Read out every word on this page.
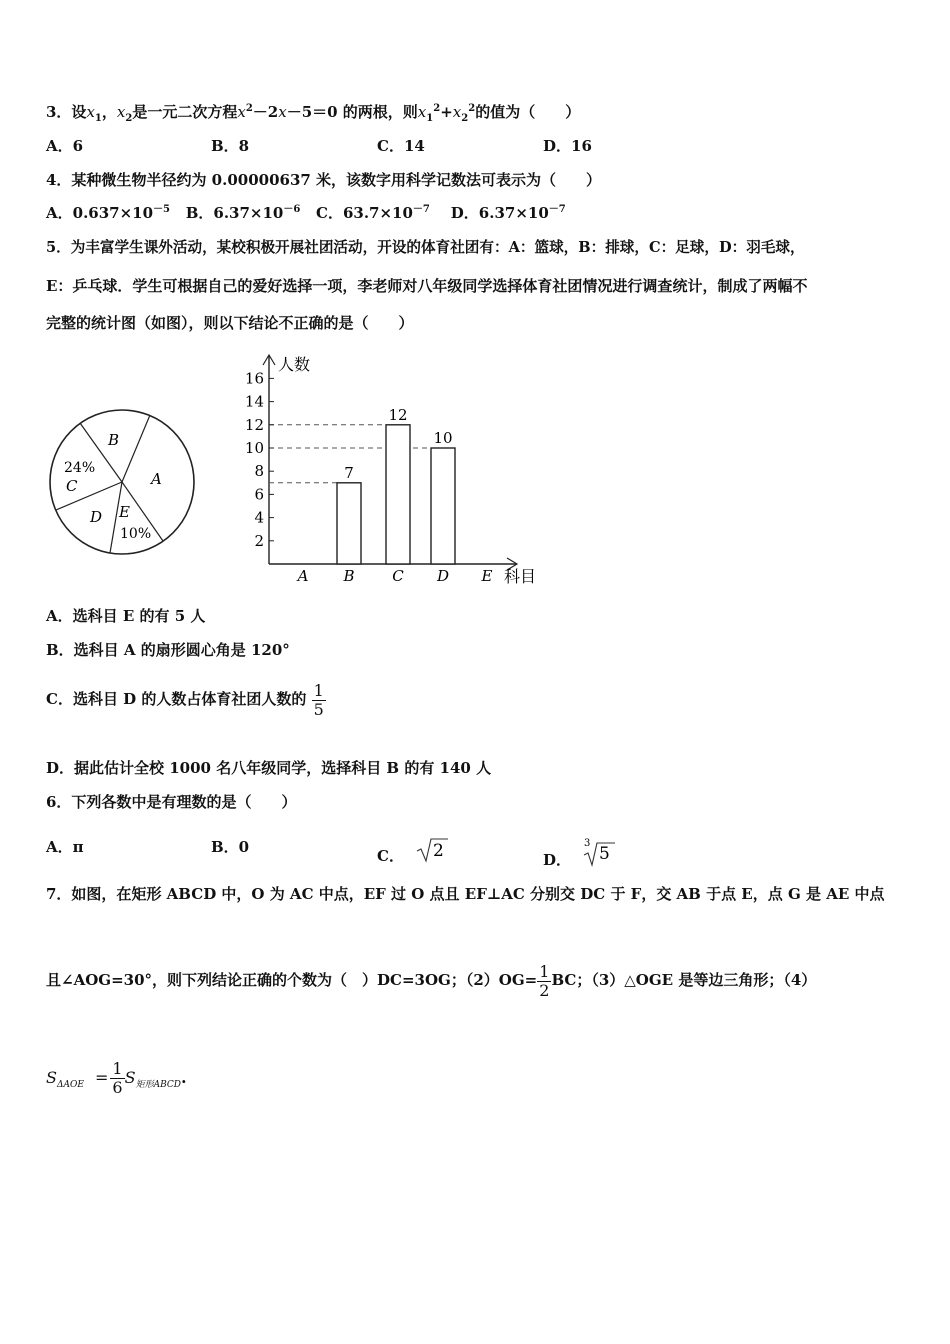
3．设$x_1$，$x_2$是一元二次方程$x^2-2x-5=0$ 的两根，则$x_1^2+x_2^2$的值为（　　）
A．6	B．8	C．14	D．16
4．某种微生物半径约为 0.00000637 米，该数字用科学记数法可表示为（　　）
A．$0.637\times 10^{-5}$ B．$6.37\times 10^{-6}$ C．$63.7\times 10^{-7}$ D．$6.37\times 10^{-7}$
5．为丰富学生课外活动，某校积极开展社团活动，开设的体育社团有：A：篮球，B：排球，C：足球，D：羽毛球，
E：乒乓球．学生可根据自己的爱好选择一项，李老师对八年级同学选择体育社团情况进行调查统计，制成了两幅不
完整的统计图（如图），则以下结论不正确的是（　　）
A
B
24%
C
D E
10%
人数
科目
2
4
6
8
10
12
14
16
7
12
10
A B	C D E
A．选科目 E 的有 5 人
B．选科目 A 的扇形圆心角是 120°
C．选科目 D 的人数占体育社团人数的 $\frac{1}{5}$
D．据此估计全校 1000 名八年级同学，选择科目 B 的有 140 人
6．下列各数中是有理数的是（　　）
A．π	B．0	C． 2	D．
3
5
7．如图，在矩形 ABCD 中，O 为 AC 中点，EF 过 O 点且 EF⊥AC 分别交 DC 于 F，交 AB 于点 E，点 G 是 AE 中点
且∠AOG=30°，则下列结论正确的个数为（　）DC=3OG；$(2)OG= \frac{1}{2}$ BC；（3）△OGE 是等边三角形；（4）
$S_{\Delta AOE} = \frac{1}{6} S_{矩形ABCD}$.
